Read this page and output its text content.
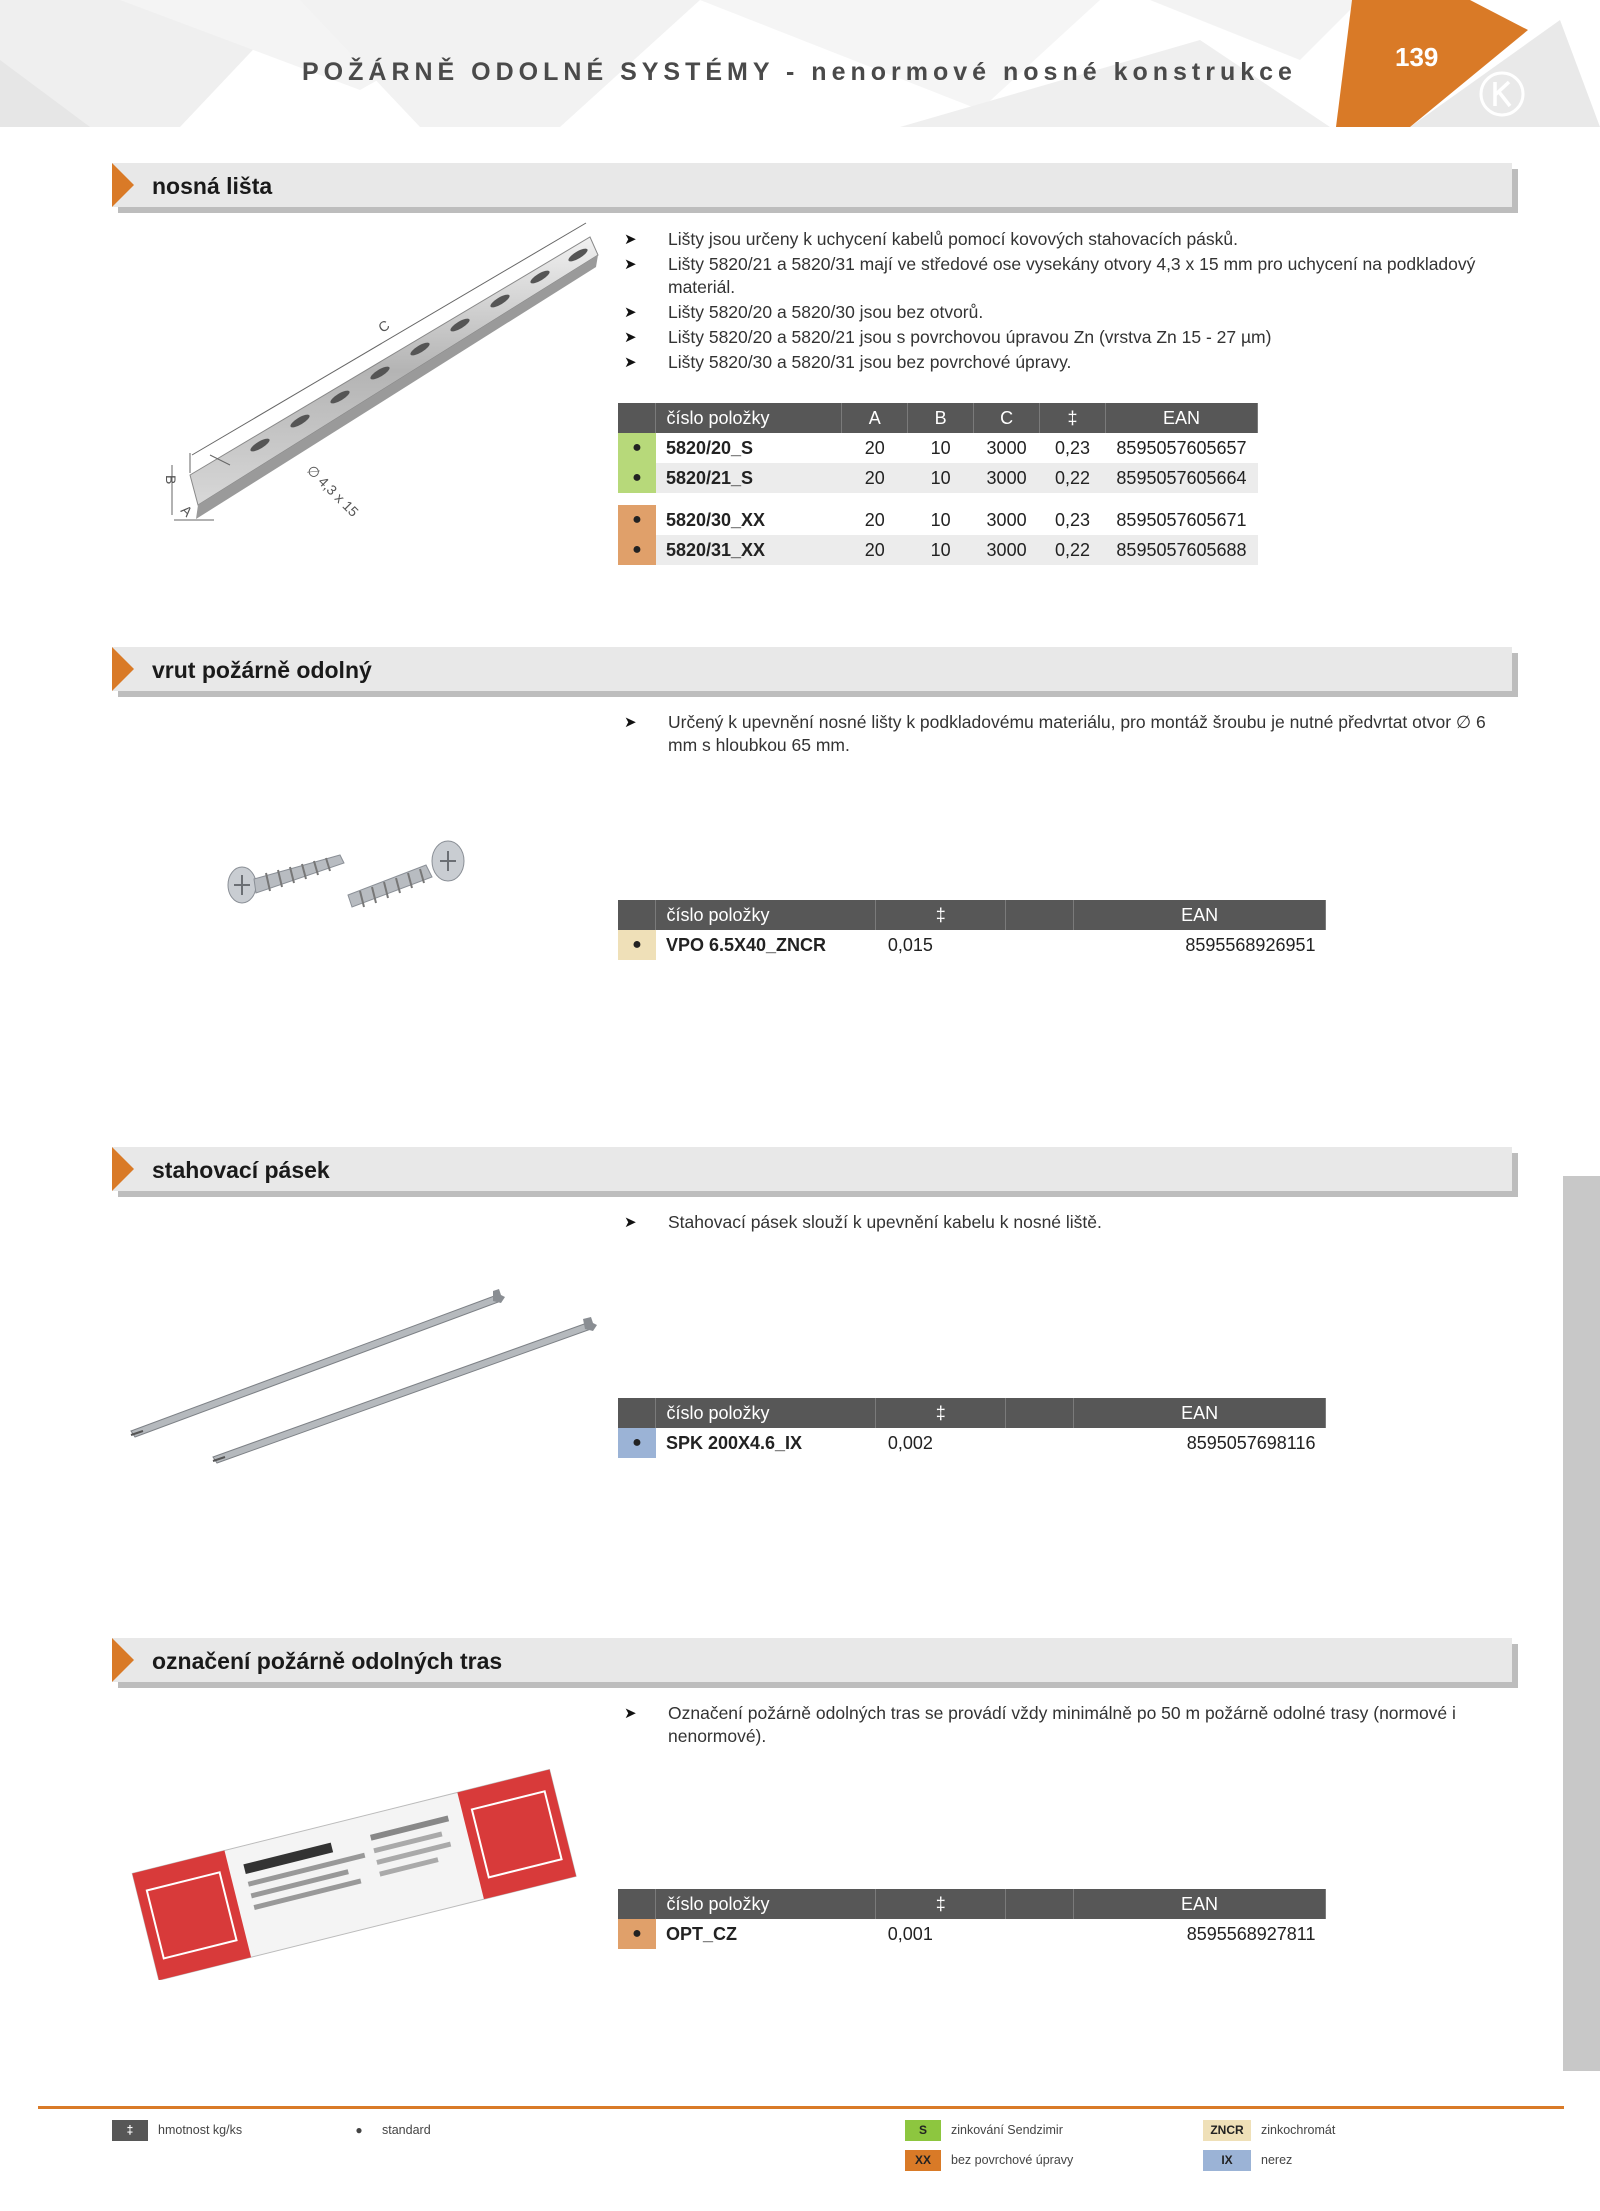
POŽÁRNĚ ODOLNÉ SYSTÉMY - nenormové nosné konstrukce	139
nosná lišta
C
B
A	∅ 4,3 x 15
➤ Lišty jsou určeny k uchycení kabelů pomocí kovových stahovacích pásků.
➤ Lišty 5820/21 a 5820/31 mají ve středové ose vysekány otvory 4,3 x 15 mm pro uchycení na podkladový materiál.
➤ Lišty 5820/20 a 5820/30 jsou bez otvorů.
➤ Lišty 5820/20 a 5820/21 jsou s povrchovou úpravou Zn (vrstva Zn 15 - 27 µm)
➤ Lišty 5820/30 a 5820/31 jsou bez povrchové úpravy.
	číslo položky	A	B	C	‡	EAN
●	5820/20_S	20	10	3000	0,23	8595057605657
●	5820/21_S	20	10	3000	0,22	8595057605664

●	5820/30_XX	20	10	3000	0,23	8595057605671
●	5820/31_XX	20	10	3000	0,22	8595057605688
vrut požárně odolný
➤ Určený k upevnění nosné lišty k podkladovému materiálu, pro montáž šroubu je nutné předvrtat otvor ∅ 6 mm s hloubkou 65 mm.
	číslo položky	‡		EAN
●	VPO 6.5X40_ZNCR	0,015		8595568926951
stahovací pásek
➤ Stahovací pásek slouží k upevnění kabelu k nosné liště.
	číslo položky	‡		EAN
●	SPK 200X4.6_IX	0,002		8595057698116
označení požárně odolných tras
➤ Označení požárně odolných tras se provádí vždy minimálně po 50 m požárně odolné trasy (normové i nenormové).
	číslo položky	‡		EAN
●	OPT_CZ	0,001		8595568927811
‡ hmotnost kg/ks	● standard	S zinkování Sendzimir
XX bez povrchové úpravy
ZNCR zinkochromát
IX nerez
